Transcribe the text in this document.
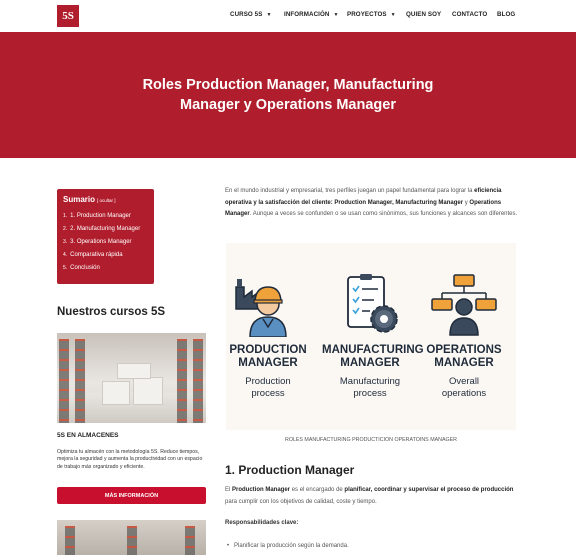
5S	CURSO 5S ▼ INFORMACIÓN ▼ PROYECTOS ▼ QUIEN SOY CONTACTO BLOG
Roles Production Manager, Manufacturing
Manager y Operations Manager
Sumario [ ocultar ]
1. 1. Production Manager
2. 2. Manufacturing Manager
3. 3. Operations Manager
4. Comparativa rápida
5. Conclusión
Nuestros cursos 5S
5S EN ALMACENES
Optimiza tu almacén con la metodología 5S. Reduce tiempos, mejora la seguridad y aumenta la productividad con un espacio de trabajo más organizado y eficiente.
MÁS INFORMACIÓN
En el mundo industrial y empresarial, tres perfiles juegan un papel fundamental para lograr la eficiencia operativa y la satisfacción del cliente: Production Manager, Manufacturing Manager y Operations Manager. Aunque a veces se confunden o se usan como sinónimos, sus funciones y alcances son diferentes.
PRODUCTION
MANAGER
Production
process
MANUFACTURING
MANAGER
Manufacturing
process
OPERATIONS
MANAGER
Overall
operations
ROLES MANUFACTURING PRODUCTICION OPERATOINS MANAGER
1. Production Manager
El Production Manager es el encargado de planificar, coordinar y supervisar el proceso de producción para cumplir con los objetivos de calidad, coste y tiempo.
Responsabilidades clave:
• Planificar la producción según la demanda.
